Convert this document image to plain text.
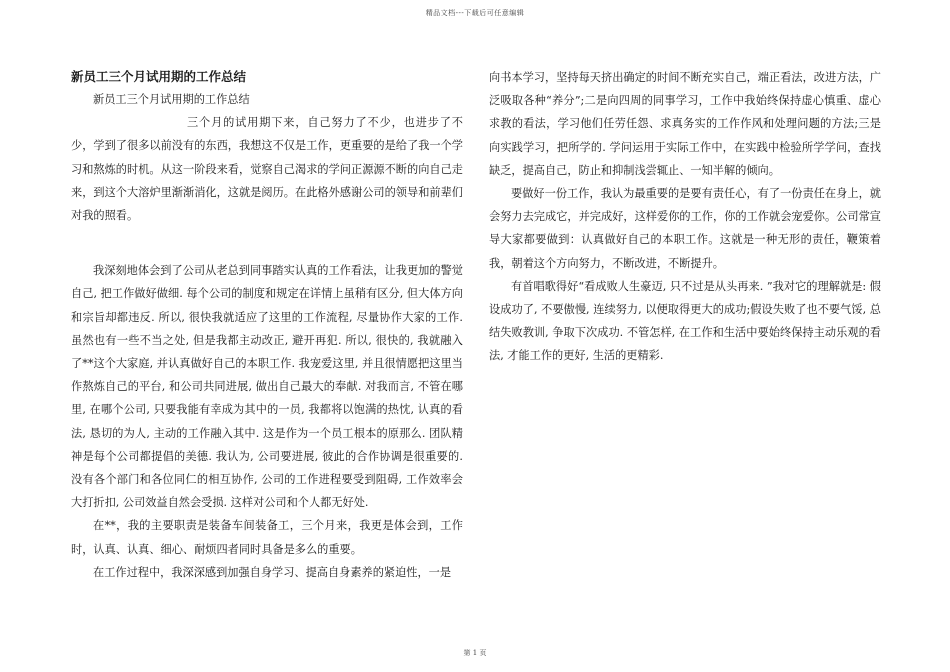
精品文档---下载后可任意编辑
新员工三个月试用期的工作总结

新员工三个月试用期的工作总结

三个月的试用期下来，自己努力了不少，也进步了不少，学到了很多以前没有的东西，我想这不仅是工作，更重要的是给了我一个学习和熬炼的时机。从这一阶段来看，觉察自己渴求的学问正源源不断的向自己走来，到这个大溶炉里渐渐消化，这就是阅历。在此格外感谢公司的领导和前辈们对我的照看。

我深刻地体会到了公司从老总到同事踏实认真的工作看法，让我更加的警觉自己, 把工作做好做细. 每个公司的制度和规定在详情上虽稍有区分, 但大体方向和宗旨却都违反. 所以, 很快我就适应了这里的工作流程, 尽量协作大家的工作. 虽然也有一些不当之处, 但是我都主动改正, 避开再犯. 所以, 很快的, 我就融入了**这个大家庭, 并认真做好自己的本职工作. 我宠爱这里, 并且很情愿把这里当作熬炼自己的平台, 和公司共同进展, 做出自己最大的奉献. 对我而言, 不管在哪里, 在哪个公司, 只要我能有幸成为其中的一员, 我都将以饱满的热忱, 认真的看法, 恳切的为人, 主动的工作融入其中. 这是作为一个员工根本的原那么. 团队精神是每个公司都提倡的美德. 我认为, 公司要进展, 彼此的合作协调是很重要的. 没有各个部门和各位同仁的相互协作, 公司的工作进程要受到阻碍, 工作效率会大打折扣, 公司效益自然会受损. 这样对公司和个人都无好处.

在**，我的主要职责是装备车间装备工，三个月来，我更是体会到，工作时，认真、认真、细心、耐烦四者同时具备是多么的重要。

在工作过程中，我深深感到加强自身学习、提高自身素养的紧迫性，一是

向书本学习，坚持每天挤出确定的时间不断充实自己，端正看法，改进方法，广泛吸取各种“养分”;二是向四周的同事学习，工作中我始终保持虚心慎重、虚心求教的看法，学习他们任劳任怨、求真务实的工作作风和处理问题的方法;三是向实践学习，把所学的. 学问运用于实际工作中，在实践中检验所学学问，查找缺乏，提高自己，防止和抑制浅尝辄止、一知半解的倾向。

要做好一份工作，我认为最重要的是要有责任心，有了一份责任在身上，就会努力去完成它，并完成好，这样爱你的工作，你的工作就会宠爱你。公司常宣导大家都要做到：认真做好自己的本职工作。这就是一种无形的责任，鞭策着我，朝着这个方向努力，不断改进，不断提升。

有首唱歌得好“看成败人生豪迈, 只不过是从头再来. ”我对它的理解就是: 假设成功了, 不要傲慢, 连续努力, 以便取得更大的成功;假设失败了也不要气馁, 总结失败教训, 争取下次成功. 不管怎样, 在工作和生活中要始终保持主动乐观的看法, 才能工作的更好, 生活的更精彩.

第 1 页
